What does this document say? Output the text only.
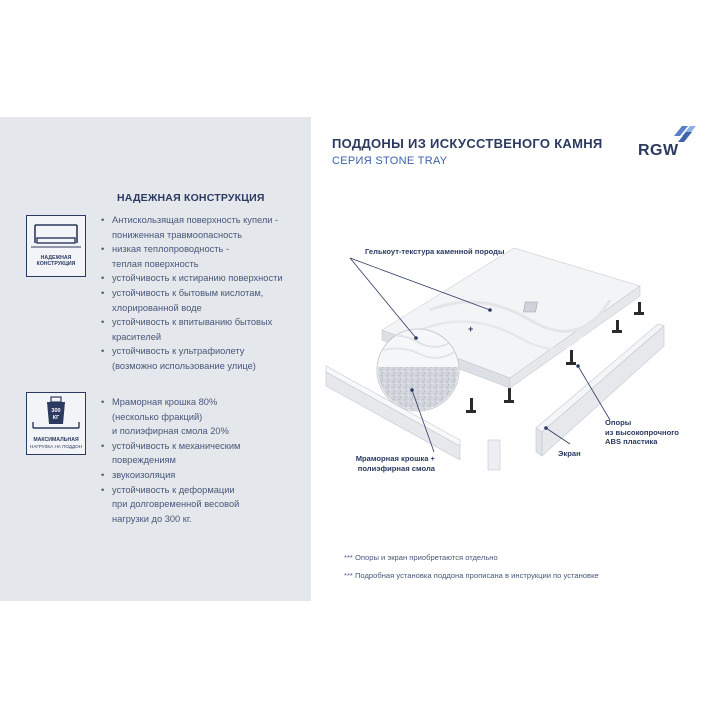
НАДЕЖНАЯ КОНСТРУКЦИЯ
НАДЕЖНАЯ
КОНСТРУКЦИЯ
• Антискользящая поверхность купели -
пониженная травмоопасность
• низкая теплопроводность -
теплая поверхность
• устойчивость к истиранию поверхности
• устойчивость к бытовым кислотам,
хлорированной воде
• устойчивость к впитыванию бытовых
красителей
• устойчивость к ультрафиолету
(возможно использование улице)
300
КГ
МАКСИМАЛЬНАЯ
НАГРУЗКА НА ПОДДОН
• Мраморная крошка 80%
(несколько фракций)
и полиэфирная смола 20%
• устойчивость к механическим
повреждениям
• звукоизоляция
• устойчивость к деформации
при долговременной весовой
нагрузки до 300 кг.
ПОДДОНЫ ИЗ ИСКУССТВЕНОГО КАМНЯ
СЕРИЯ STONE TRAY
RGW
+
Гелькоут-текстура каменной породы
Мраморная крошка +
полиэфирная смола
Экран
Опоры
из высокопрочного
ABS пластика
*** Опоры и экран приобретаются отдельно
*** Подробная установка поддона прописана в инструкции по установке
